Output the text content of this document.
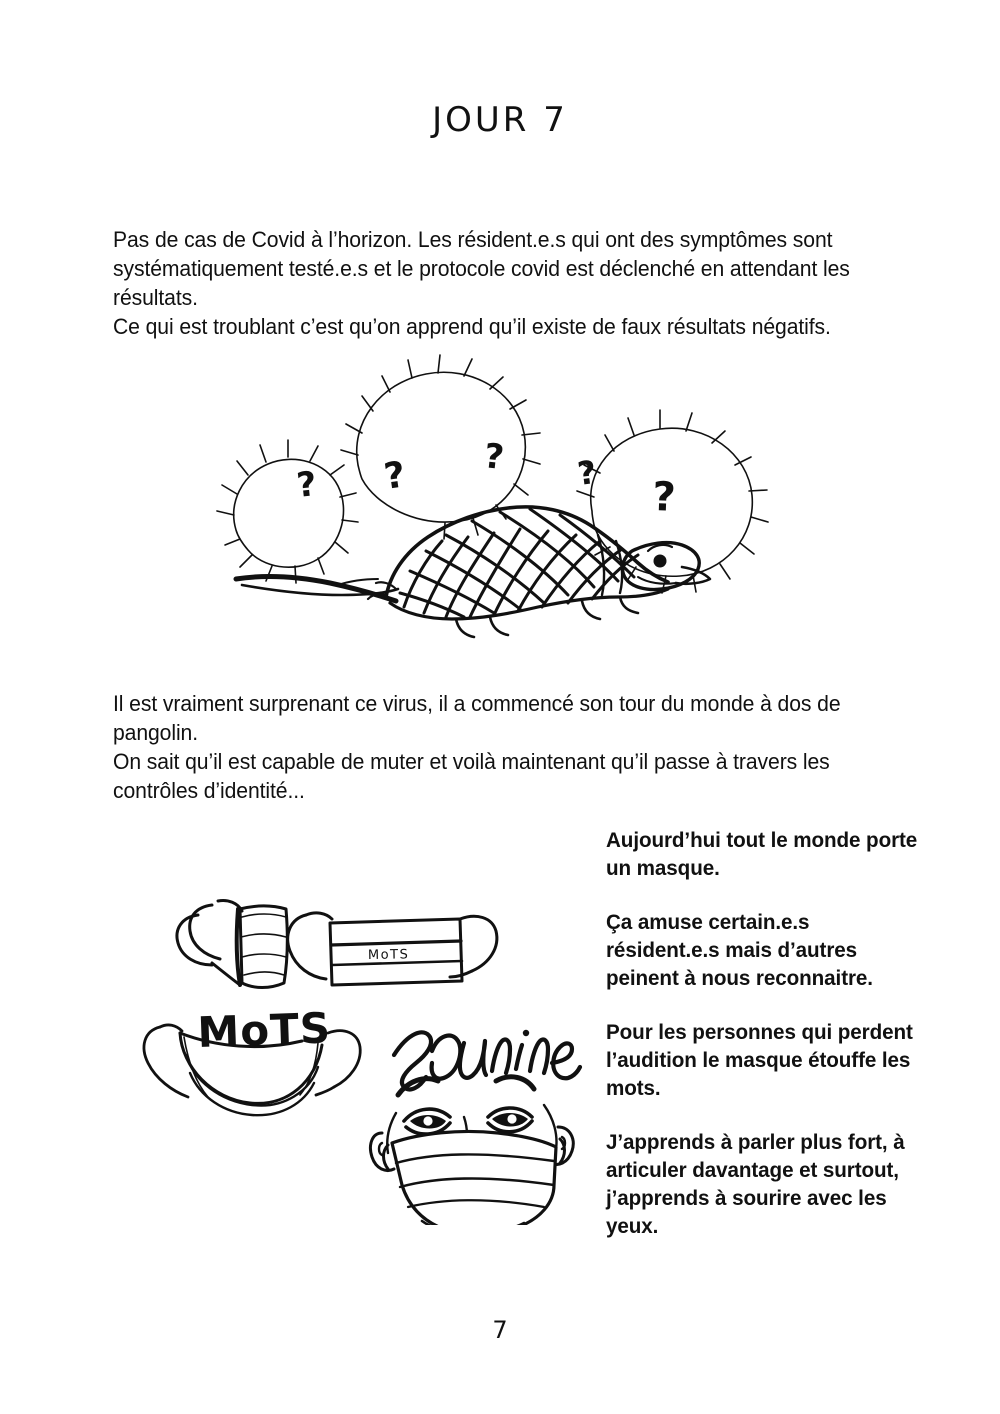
JOUR 7

Pas de cas de Covid à l’horizon. Les résident.e.s qui ont des symptômes sont systématiquement testé.e.s et le protocole covid est déclenché en attendant les résultats.

Ce qui est troublant c’est qu’on apprend qu’il existe de faux résultats négatifs.

? ? ? ?
?

Il est vraiment surprenant ce virus, il a commencé son tour du monde à dos de pangolin.

On sait qu’il est capable de muter et voilà maintenant qu’il passe à travers les contrôles d’identité...

MoTS
MoTS

Aujourd’hui tout le monde porte un masque.

Ça amuse certain.e.s résident.e.s mais d’autres peinent à nous reconnaitre.

Pour les personnes qui perdent l’audition le masque étouffe les mots.

J’apprends à parler plus fort, à articuler davantage et surtout, j’apprends à sourire avec les yeux.

7
